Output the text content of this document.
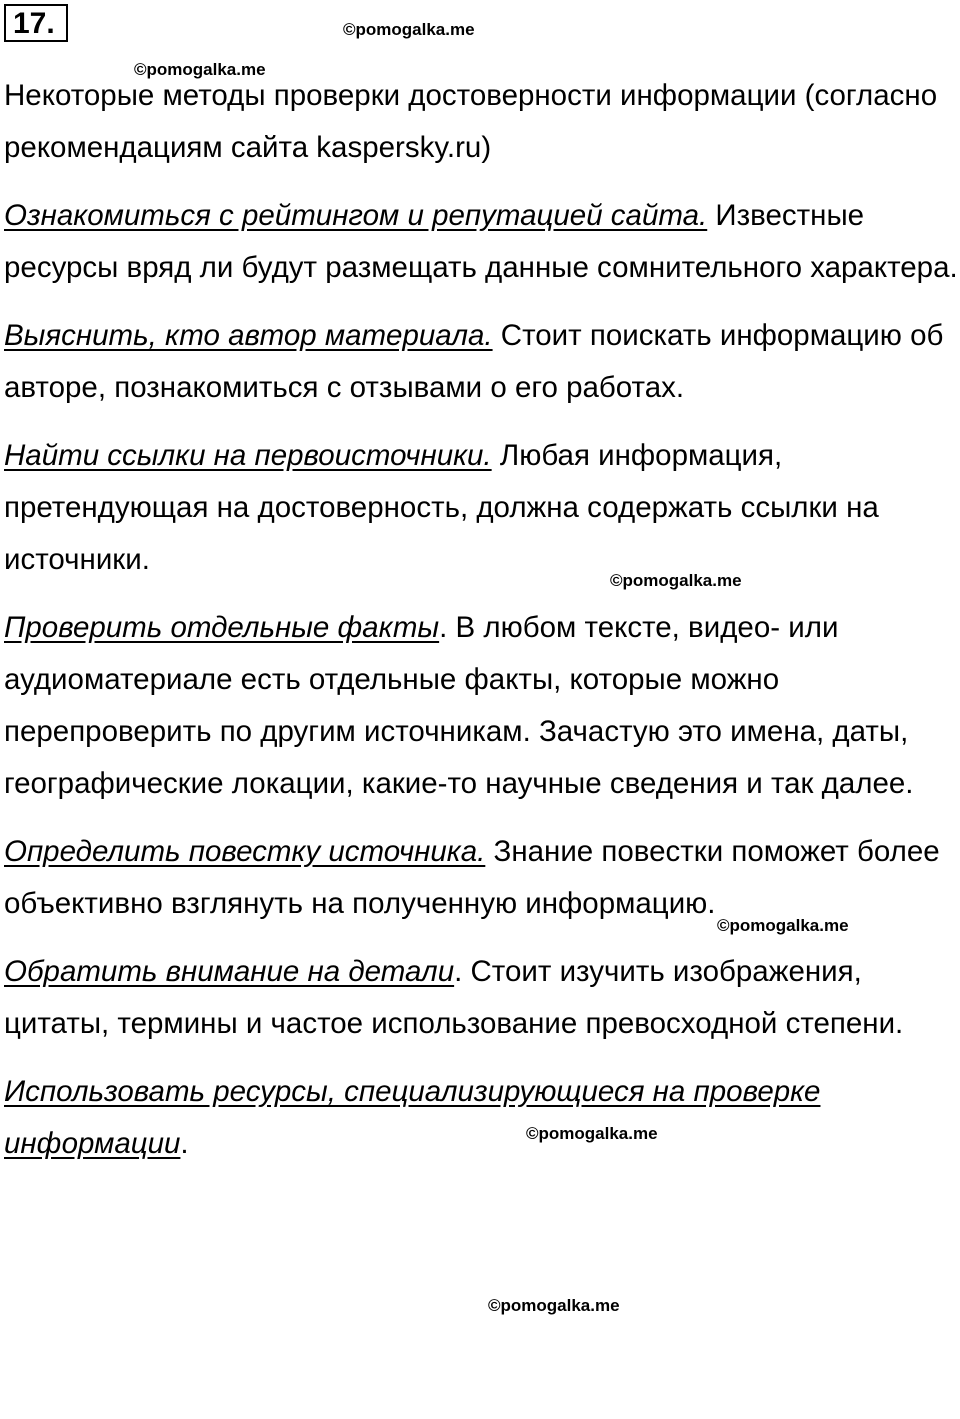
17.	©pomogalka.me
©pomogalka.me
©pomogalka.me
©pomogalka.me
©pomogalka.me
©pomogalka.me

Некоторые методы проверки достоверности информации (согласно рекомендациям сайта kaspersky.ru)

Ознакомиться с рейтингом и репутацией сайта. Известные ресурсы вряд ли будут размещать данные сомнительного характера.

Выяснить, кто автор материала. Стоит поискать информацию об авторе, познакомиться с отзывами о его работах.

Найти ссылки на первоисточники. Любая информация, претендующая на достоверность, должна содержать ссылки на источники.

Проверить отдельные факты. В любом тексте, видео- или аудиоматериале есть отдельные факты, которые можно перепроверить по другим источникам. Зачастую это имена, даты, географические локации, какие-то научные сведения и так далее.

Определить повестку источника. Знание повестки поможет более объективно взглянуть на полученную информацию.

Обратить внимание на детали. Стоит изучить изображения, цитаты, термины и частое использование превосходной степени.

Использовать ресурсы, специализирующиеся на проверке информации.
